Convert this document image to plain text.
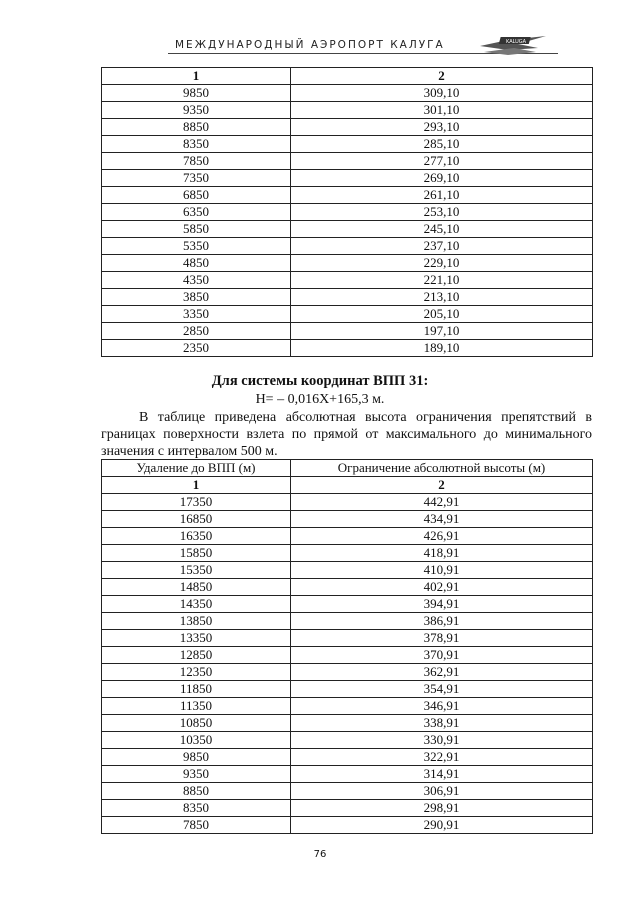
МЕЖДУНАРОДНЫЙ АЭРОПОРТ КАЛУГА	KALUGA
1	2
9850	309,10
9350	301,10
8850	293,10
8350	285,10
7850	277,10
7350	269,10
6850	261,10
6350	253,10
5850	245,10
5350	237,10
4850	229,10
4350	221,10
3850	213,10
3350	205,10
2850	197,10
2350	189,10
Для системы координат ВПП 31:
H= – 0,016X+165,3 м.
В таблице приведена абсолютная высота ограничения препятствий в границах поверхности взлета по прямой от максимального до минимального значения с интервалом 500 м.
Удаление до ВПП (м)	Ограничение абсолютной высоты (м)
1	2
17350	442,91
16850	434,91
16350	426,91
15850	418,91
15350	410,91
14850	402,91
14350	394,91
13850	386,91
13350	378,91
12850	370,91
12350	362,91
11850	354,91
11350	346,91
10850	338,91
10350	330,91
9850	322,91
9350	314,91
8850	306,91
8350	298,91
7850	290,91
76
